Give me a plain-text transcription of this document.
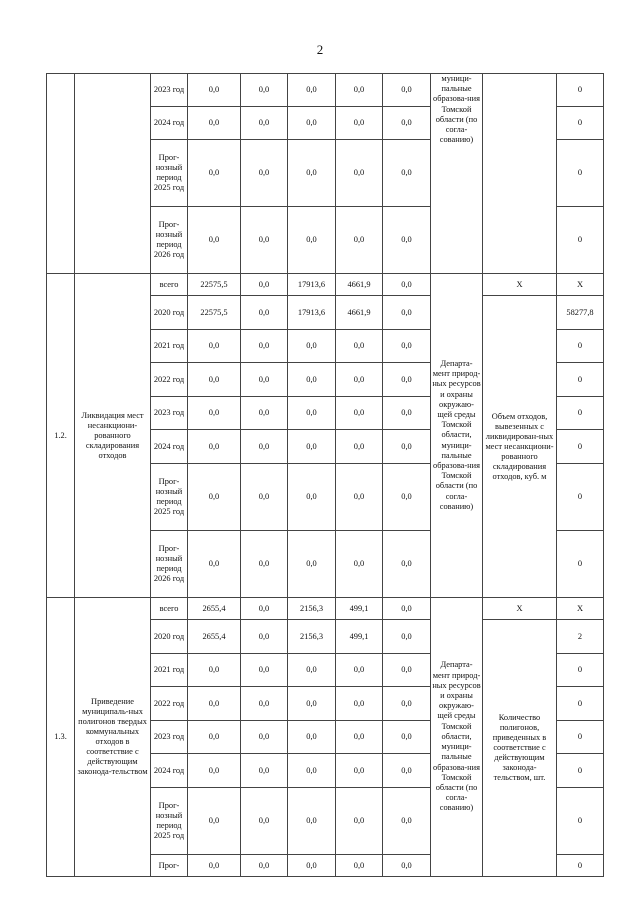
2
		2023 год	0,0	0,0	0,0	0,0	0,0	муници-пальные образова-ния Томской области (по согла-сованию)		0
		2024 год	0,0	0,0	0,0	0,0	0,0			0
		Прог-нозный период 2025 год	0,0	0,0	0,0	0,0	0,0			0
		Прог-нозный период 2026 год	0,0	0,0	0,0	0,0	0,0			0
1.2.	Ликвидация мест несанкциони-рованного складирования отходов	всего	22575,5	0,0	17913,6	4661,9	0,0	Департа-мент природ-ных ресурсов и охраны окружаю-щей среды Томской области, муници-пальные образова-ния Томской области (по согла-сованию)	Х	Х
		2020 год	22575,5	0,0	17913,6	4661,9	0,0		Объем отходов, вывезенных с ликвидирован-ных мест несанкциони-рованного складирования отходов, куб. м	58277,8
		2021 год	0,0	0,0	0,0	0,0	0,0			0
		2022 год	0,0	0,0	0,0	0,0	0,0			0
		2023 год	0,0	0,0	0,0	0,0	0,0			0
		2024 год	0,0	0,0	0,0	0,0	0,0			0
		Прог-нозный период 2025 год	0,0	0,0	0,0	0,0	0,0			0
		Прог-нозный период 2026 год	0,0	0,0	0,0	0,0	0,0			0
1.3.	Приведение муниципаль-ных полигонов твердых коммунальных отходов в соответствие с действующим законода-тельством	всего	2655,4	0,0	2156,3	499,1	0,0	Департа-мент природ-ных ресурсов и охраны окружаю-щей среды Томской области, муници-пальные образова-ния Томской области (по согла-сованию)	Х	Х
		2020 год	2655,4	0,0	2156,3	499,1	0,0		Количество полигонов, приведенных в соответствие с действующим законода-тельством, шт.	2
		2021 год	0,0	0,0	0,0	0,0	0,0			0
		2022 год	0,0	0,0	0,0	0,0	0,0			0
		2023 год	0,0	0,0	0,0	0,0	0,0			0
		2024 год	0,0	0,0	0,0	0,0	0,0			0
		Прог-нозный период 2025 год	0,0	0,0	0,0	0,0	0,0			0
		Прог-	0,0	0,0	0,0	0,0	0,0			0
